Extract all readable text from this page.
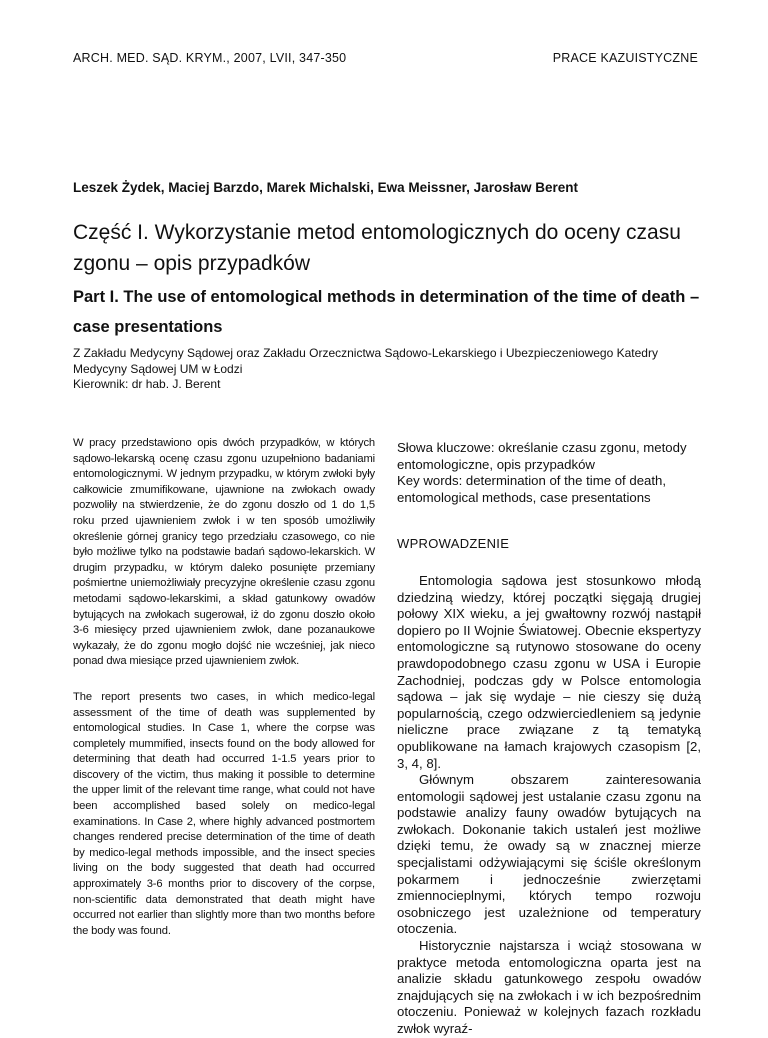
ARCH. MED. SĄD. KRYM., 2007, LVII, 347-350	PRACE KAZUISTYCZNE
Leszek Żydek, Maciej Barzdo, Marek Michalski, Ewa Meissner, Jarosław Berent
Część I. Wykorzystanie metod entomologicznych do oceny czasu zgonu – opis przypadków
Part I. The use of entomological methods in determination of the time of death – case presentations
Z Zakładu Medycyny Sądowej oraz Zakładu Orzecznictwa Sądowo-Lekarskiego i Ubezpieczeniowego Katedry Medycyny Sądowej UM w Łodzi
Kierownik: dr hab. J. Berent

W pracy przedstawiono opis dwóch przypadków, w których sądowo-lekarską ocenę czasu zgonu uzupełniono badaniami entomologicznymi. W jednym przypadku, w którym zwłoki były całkowicie zmumifikowane, ujawnione na zwłokach owady pozwoliły na stwierdzenie, że do zgonu doszło od 1 do 1,5 roku przed ujawnieniem zwłok i w ten sposób umożliwiły określenie górnej granicy tego przedziału czasowego, co nie było możliwe tylko na podstawie badań sądowo-lekarskich. W drugim przypadku, w którym daleko posunięte przemiany pośmiertne uniemożliwiały precyzyjne określenie czasu zgonu metodami sądowo-lekarskimi, a skład gatunkowy owadów bytujących na zwłokach sugerował, iż do zgonu doszło około 3-6 miesięcy przed ujawnieniem zwłok, dane pozanaukowe wykazały, że do zgonu mogło dojść nie wcześniej, jak nieco ponad dwa miesiące przed ujawnieniem zwłok.

The report presents two cases, in which medico-legal assessment of the time of death was supplemented by entomological studies. In Case 1, where the corpse was completely mummified, insects found on the body allowed for determining that death had occurred 1-1.5 years prior to discovery of the victim, thus making it possible to determine the upper limit of the relevant time range, what could not have been accomplished based solely on medico-legal examinations. In Case 2, where highly advanced postmortem changes rendered precise determination of the time of death by medico-legal methods impossible, and the insect species living on the body suggested that death had occurred approximately 3-6 months prior to discovery of the corpse, non-scientific data demonstrated that death might have occurred not earlier than slightly more than two months before the body was found.

Słowa kluczowe: określanie czasu zgonu, metody entomologiczne, opis przypadków

Key words: determination of the time of death, entomological methods, case presentations

WPROWADZENIE

Entomologia sądowa jest stosunkowo młodą dziedziną wiedzy, której początki sięgają drugiej połowy XIX wieku, a jej gwałtowny rozwój nastąpił dopiero po II Wojnie Światowej. Obecnie ekspertyzy entomologiczne są rutynowo stosowane do oceny prawdopodobnego czasu zgonu w USA i Europie Zachodniej, podczas gdy w Polsce entomologia sądowa – jak się wydaje – nie cieszy się dużą popularnością, czego odzwierciedleniem są jedynie nieliczne prace związane z tą tematyką opublikowane na łamach krajowych czasopism [2, 3, 4, 8].

Głównym obszarem zainteresowania entomologii sądowej jest ustalanie czasu zgonu na podstawie analizy fauny owadów bytujących na zwłokach. Dokonanie takich ustaleń jest możliwe dzięki temu, że owady są w znacznej mierze specjalistami odżywiającymi się ściśle określonym pokarmem i jednocześnie zwierzętami zmiennocieplnymi, których tempo rozwoju osobniczego jest uzależnione od temperatury otoczenia.

Historycznie najstarsza i wciąż stosowana w praktyce metoda entomologiczna oparta jest na analizie składu gatunkowego zespołu owadów znajdujących się na zwłokach i w ich bezpośrednim otoczeniu. Ponieważ w kolejnych fazach rozkładu zwłok wyraź-
